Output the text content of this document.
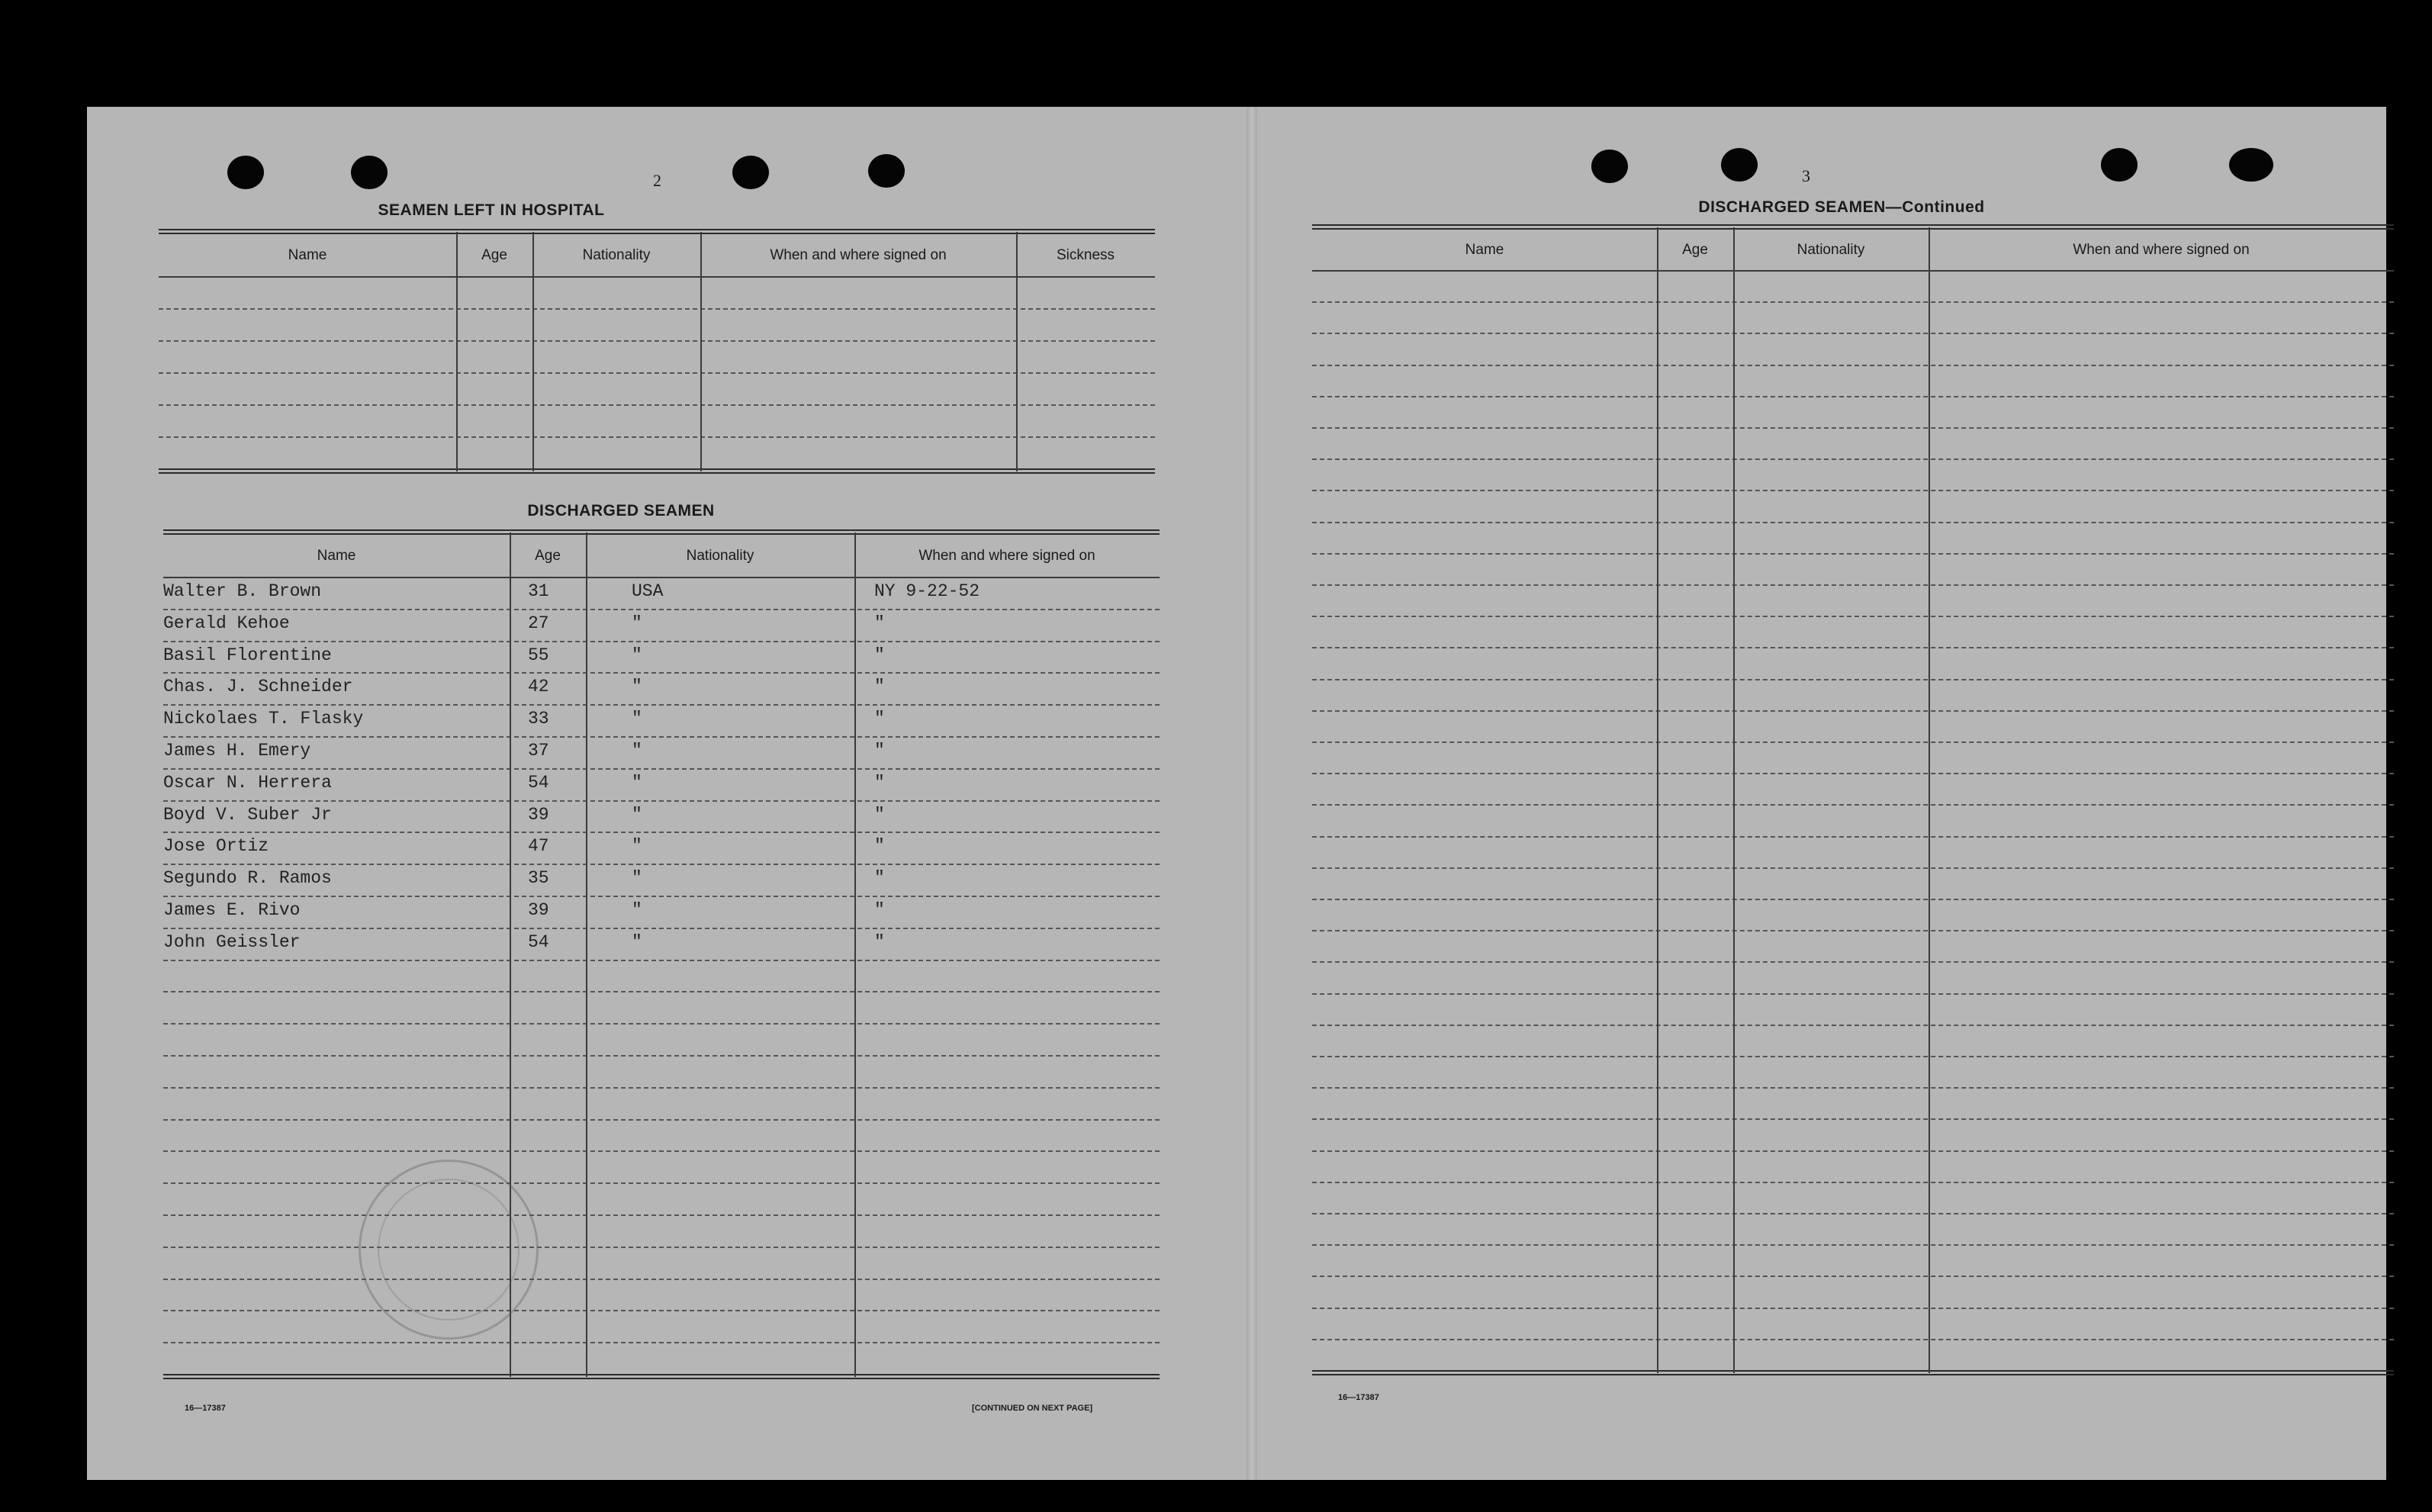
2
SEAMEN LEFT IN HOSPITAL
Name	Age	Nationality	When and where signed on	Sickness
DISCHARGED SEAMEN
Name	Age	Nationality	When and where signed on
Walter B. Brown	31	USA	NY 9-22-52
Gerald Kehoe	27	"	"
Basil Florentine	55	"	"
Chas. J. Schneider	42	"	"
Nickolaes T. Flasky	33	"	"
James H. Emery	37	"	"
Oscar N. Herrera	54	"	"
Boyd V. Suber Jr	39	"	"
Jose Ortiz	47	"	"
Segundo R. Ramos	35	"	"
James E. Rivo	39	"	"
John Geissler	54	"	"
16—17387	[CONTINUED ON NEXT PAGE]
3
DISCHARGED SEAMEN—Continued
Name	Age	Nationality	When and where signed on
16—17387
